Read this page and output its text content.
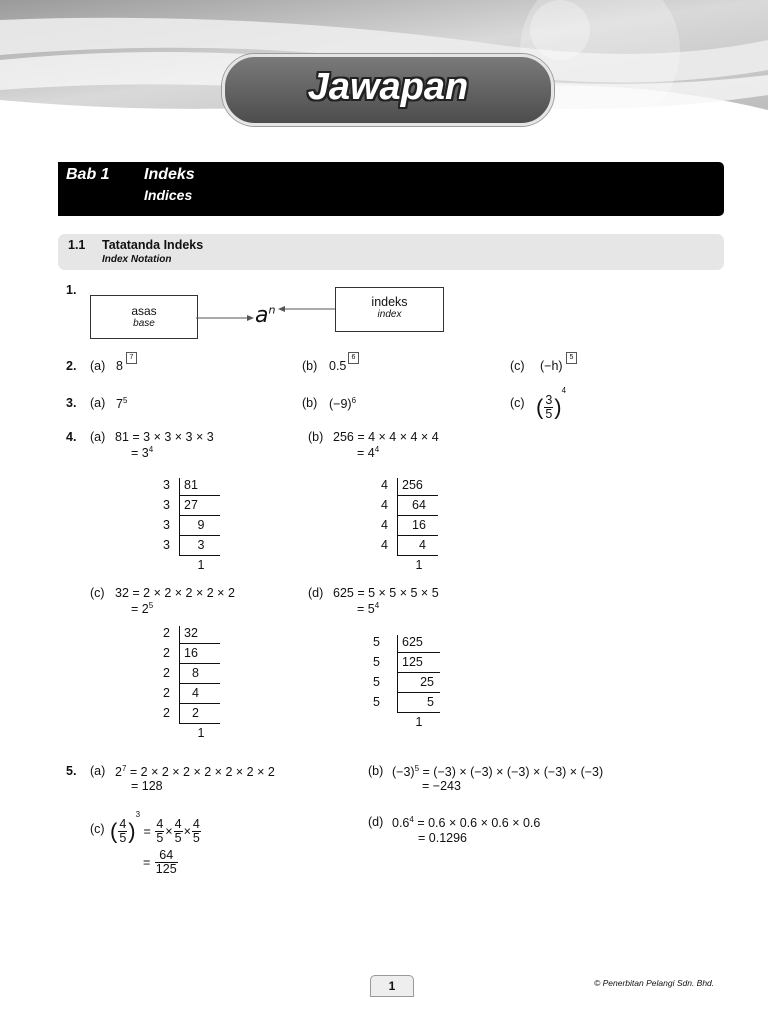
Jawapan
Bab 1 Indeks
Indices
1.1 Tatatanda Indeks
Index Notation
1.
asas
base
indeks
index
$a^n$
2. (a) 8
7
(b) 0.5
6
(c) (−h)
5
3. (a) $7^5$	(b) $(-9)^6$	(c) ( $\frac{3}{5} )^4$
4. (a) 81 = 3 × 3 × 3 × 3
= $3^4$
3 81
3 27
3	9
3	3
1
(b) 256 = 4 × 4 × 4 × 4
= $4^4$
4 256
4	64
4	16
4	4
1
(c) 32 = 2 × 2 × 2 × 2 × 2
= $2^5$
2 32
2 16
2	8
2	4
2	2
1
(d) 625 = 5 × 5 × 5 × 5
= $5^4$
5 625
5 125
5	25
5	5
1
5. (a) $2^7 = 2 \times 2 \times 2 \times 2 \times 2 \times 2 \times 2$
= 128
(b) $(-3)^5 = (-3) \times (-3) \times (-3) \times (-3) \times (-3)$
= −243
(c) ( $\frac{4}{5} )^3 = \frac{4}{5} \times \frac{4}{5} \times \frac{4}{5}$
= $\frac{64}{125}$
(d) $0.6^4 = 0.6 \times 0.6 \times 0.6 \times 0.6$
= 0.1296
1	© Penerbitan Pelangi Sdn. Bhd.
